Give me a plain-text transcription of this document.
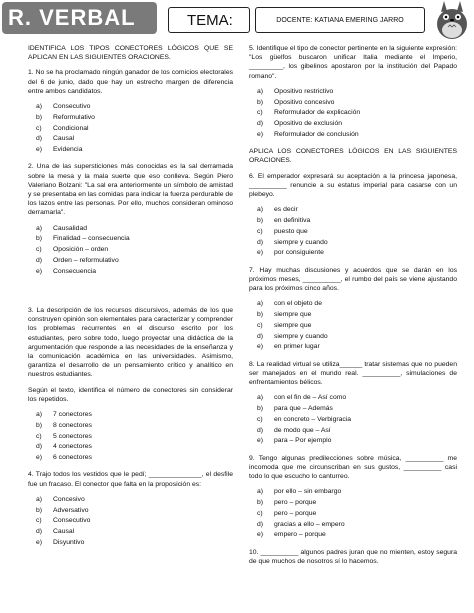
R. VERBAL	TEMA:	DOCENTE: KATIANA EMERING JARRO

IDENTIFICA LOS TIPOS CONECTORES LÓGICOS QUE SE APLICAN EN LAS SIGUIENTES ORACIONES.

1. No se ha proclamado ningún ganador de los comicios electorales del 6 de junio, dado que hay un estrecho margen de diferencia entre ambos candidatos.

a)	Consecutivo
b)	Reformulativo
c)	Condicional
d)	Causal
e)	Evidencia

2. Una de las supersticiones más conocidas es la sal derramada sobre la mesa y la mala suerte que eso conlleva. Según Piero Valeriano Bolzani: "La sal era anteriormente un símbolo de amistad y se presentaba en las comidas para indicar la fuerza perdurable de los lazos entre las personas. Por ello, muchos consideran ominoso derramarla".

a)	Causalidad
b)	Finalidad – consecuencia
c)	Oposición – orden
d)	Orden – reformulativo
e)	Consecuencia

3. La descripción de los recursos discursivos, además de los que construyen opinión son elementales para caracterizar y comprender los problemas recurrentes en el discurso escrito por los estudiantes, pero sobre todo, luego proyectar una didáctica de la argumentación que responde a las necesidades de la enseñanza y la comunicación académica en las universidades. Asimismo, garantiza el desarrollo de un pensamiento crítico y analítico en nuestros estudiantes.

Según el texto, identifica el número de conectores sin considerar los repetidos.

a)	7 conectores
b)	8 conectores
c)	5 conectores
d)	4 conectores
e)	6 conectores

4. Trajo todos los vestidos que le pedí; ______________, el desfile fue un fracaso. El conector que falta en la proposición es:

a)	Concesivo
b)	Adversativo
c)	Consecutivo
d)	Causal
e)	Disyuntivo

5. Identifique el tipo de conector pertinente en la siguiente expresión: "Los güelfos buscaron unificar Italia mediante el Imperio, _________, los gibelinos apostaron por la institución del Papado romano".

a)	Opositivo restrictivo
b)	Opositivo concesivo
c)	Reformulador de explicación
d)	Opositivo de exclusión
e)	Reformulador de conclusión

APLICA LOS CONECTORES LÓGICOS EN LAS SIGUIENTES ORACIONES.

6. El emperador expresará su aceptación a la princesa japonesa, __________ renuncie a su estatus imperial para casarse con un plebeyo.

a)	es decir
b)	en definitiva
c)	puesto que
d)	siempre y cuando
e)	por consiguiente

7. Hay muchas discusiones y acuerdos que se darán en los próximos meses, __________, el rumbo del país se viene ajustando para los próximos cinco años.

a)	con el objeto de
b)	siempre que
c)	siempre que
d)	siempre y cuando
e)	en primer lugar

8. La realidad virtual se utiliza______ tratar sistemas que no pueden ser manejados en el mundo real. __________, simulaciones de enfrentamientos bélicos.

a)	con el fin de – Así como
b)	para que – Además
c)	en concreto – Verbigracia
d)	de modo que – Así
e)	para – Por ejemplo

9. Tengo algunas predilecciones sobre música, __________ me incomoda que me circunscriban en sus gustos, __________ casi todo lo que escucho lo canturreo.

a)	por ello – sin embargo
b)	pero – porque
c)	pero – porque
d)	gracias a ello – empero
e)	empero – porque

10. __________ algunos padres juran que no mienten, estoy segura de que muchos de nosotros sí lo hacemos.
